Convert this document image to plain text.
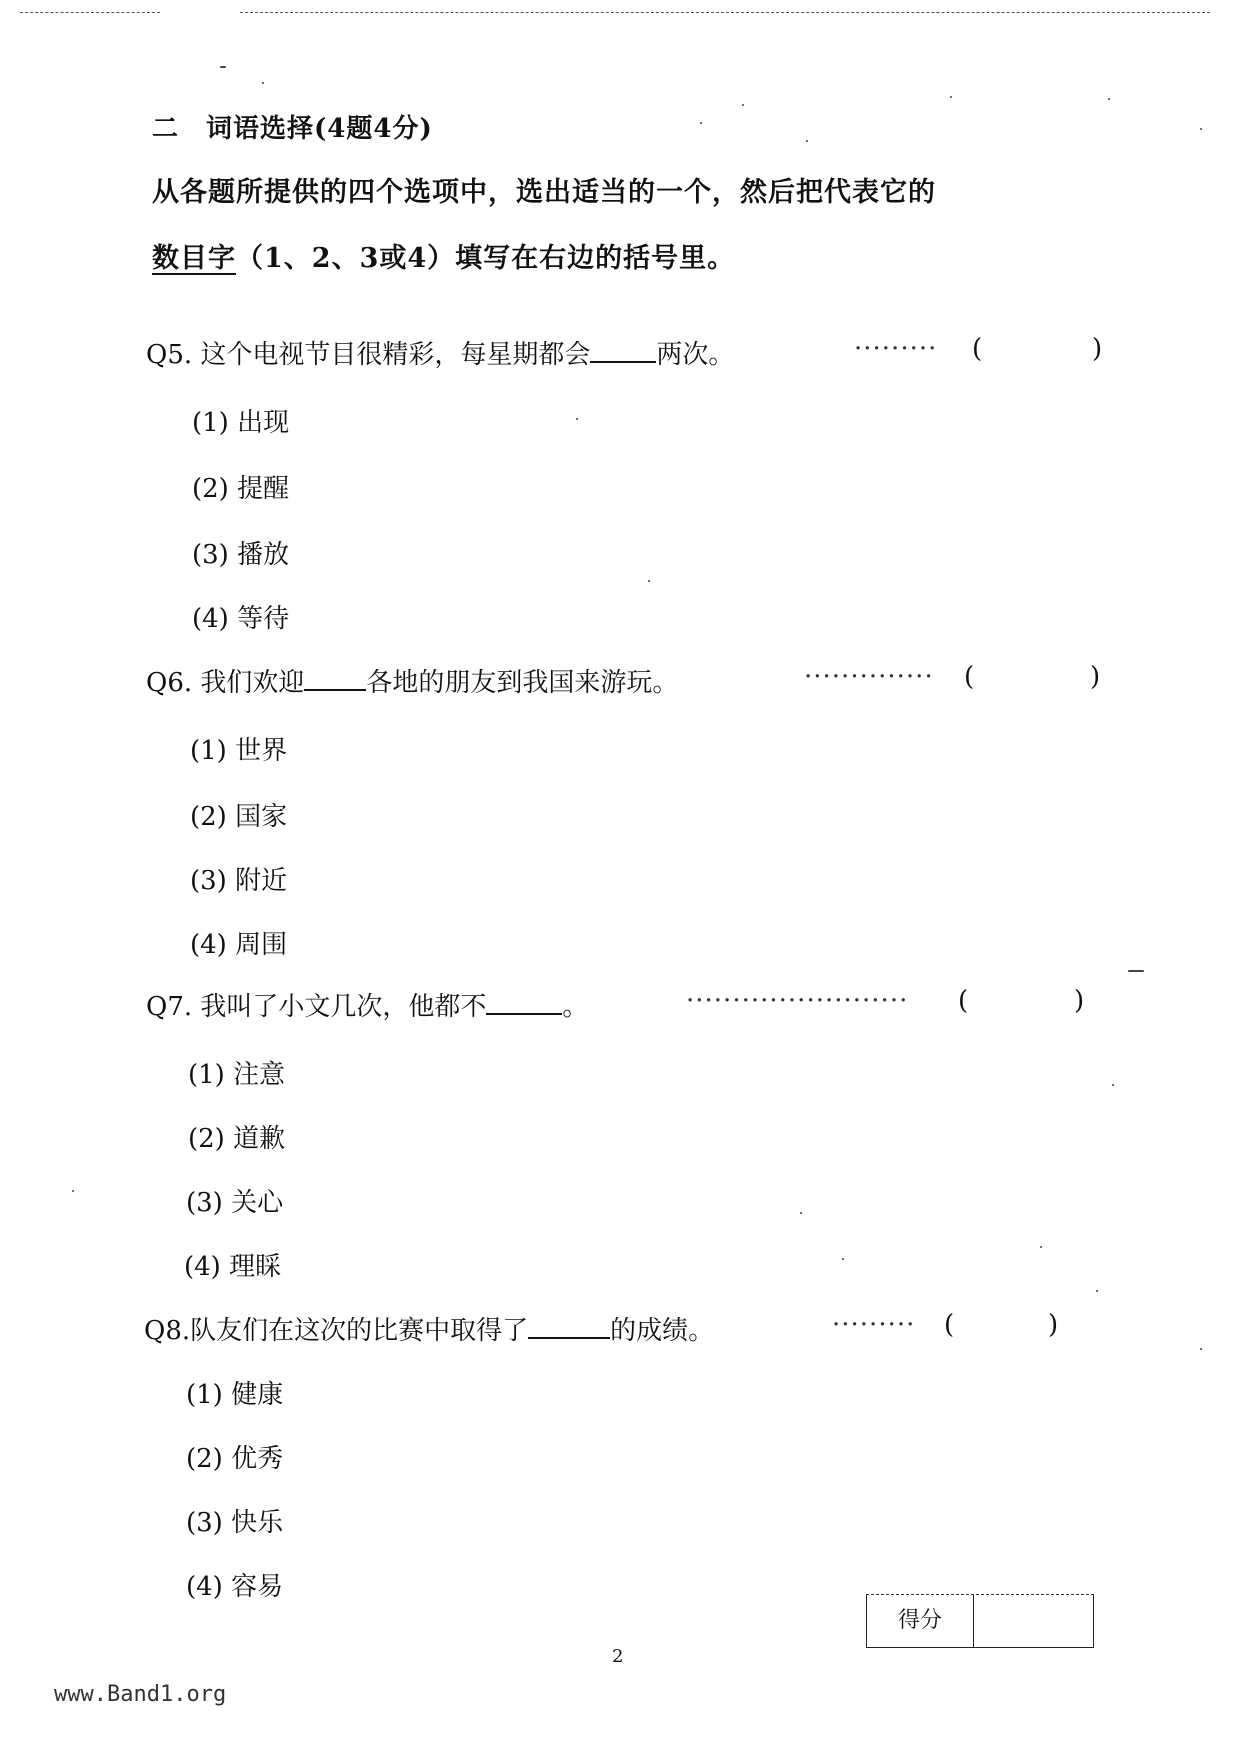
二　词语选择(4题4分)
从各题所提供的四个选项中，选出适当的一个，然后把代表它的
数目字（1、2、3或4）填写在右边的括号里。
Q5. 这个电视节目很精彩，每星期都会	两次。	········· (	)
(1) 出现
(2) 提醒
(3) 播放
(4) 等待
Q6. 我们欢迎 各地的朋友到我国来游玩。	·············· (	)
(1) 世界
(2) 国家
(3) 附近
(4) 周围
Q7. 我叫了小文几次，他都不	。	························ (	)
(1) 注意
(2) 道歉
(3) 关心
(4) 理睬
Q8.队友们在这次的比赛中取得了	的成绩。	········· (	)
(1) 健康
(2) 优秀
(3) 快乐
(4) 容易
得分
2
www.Band1.org
